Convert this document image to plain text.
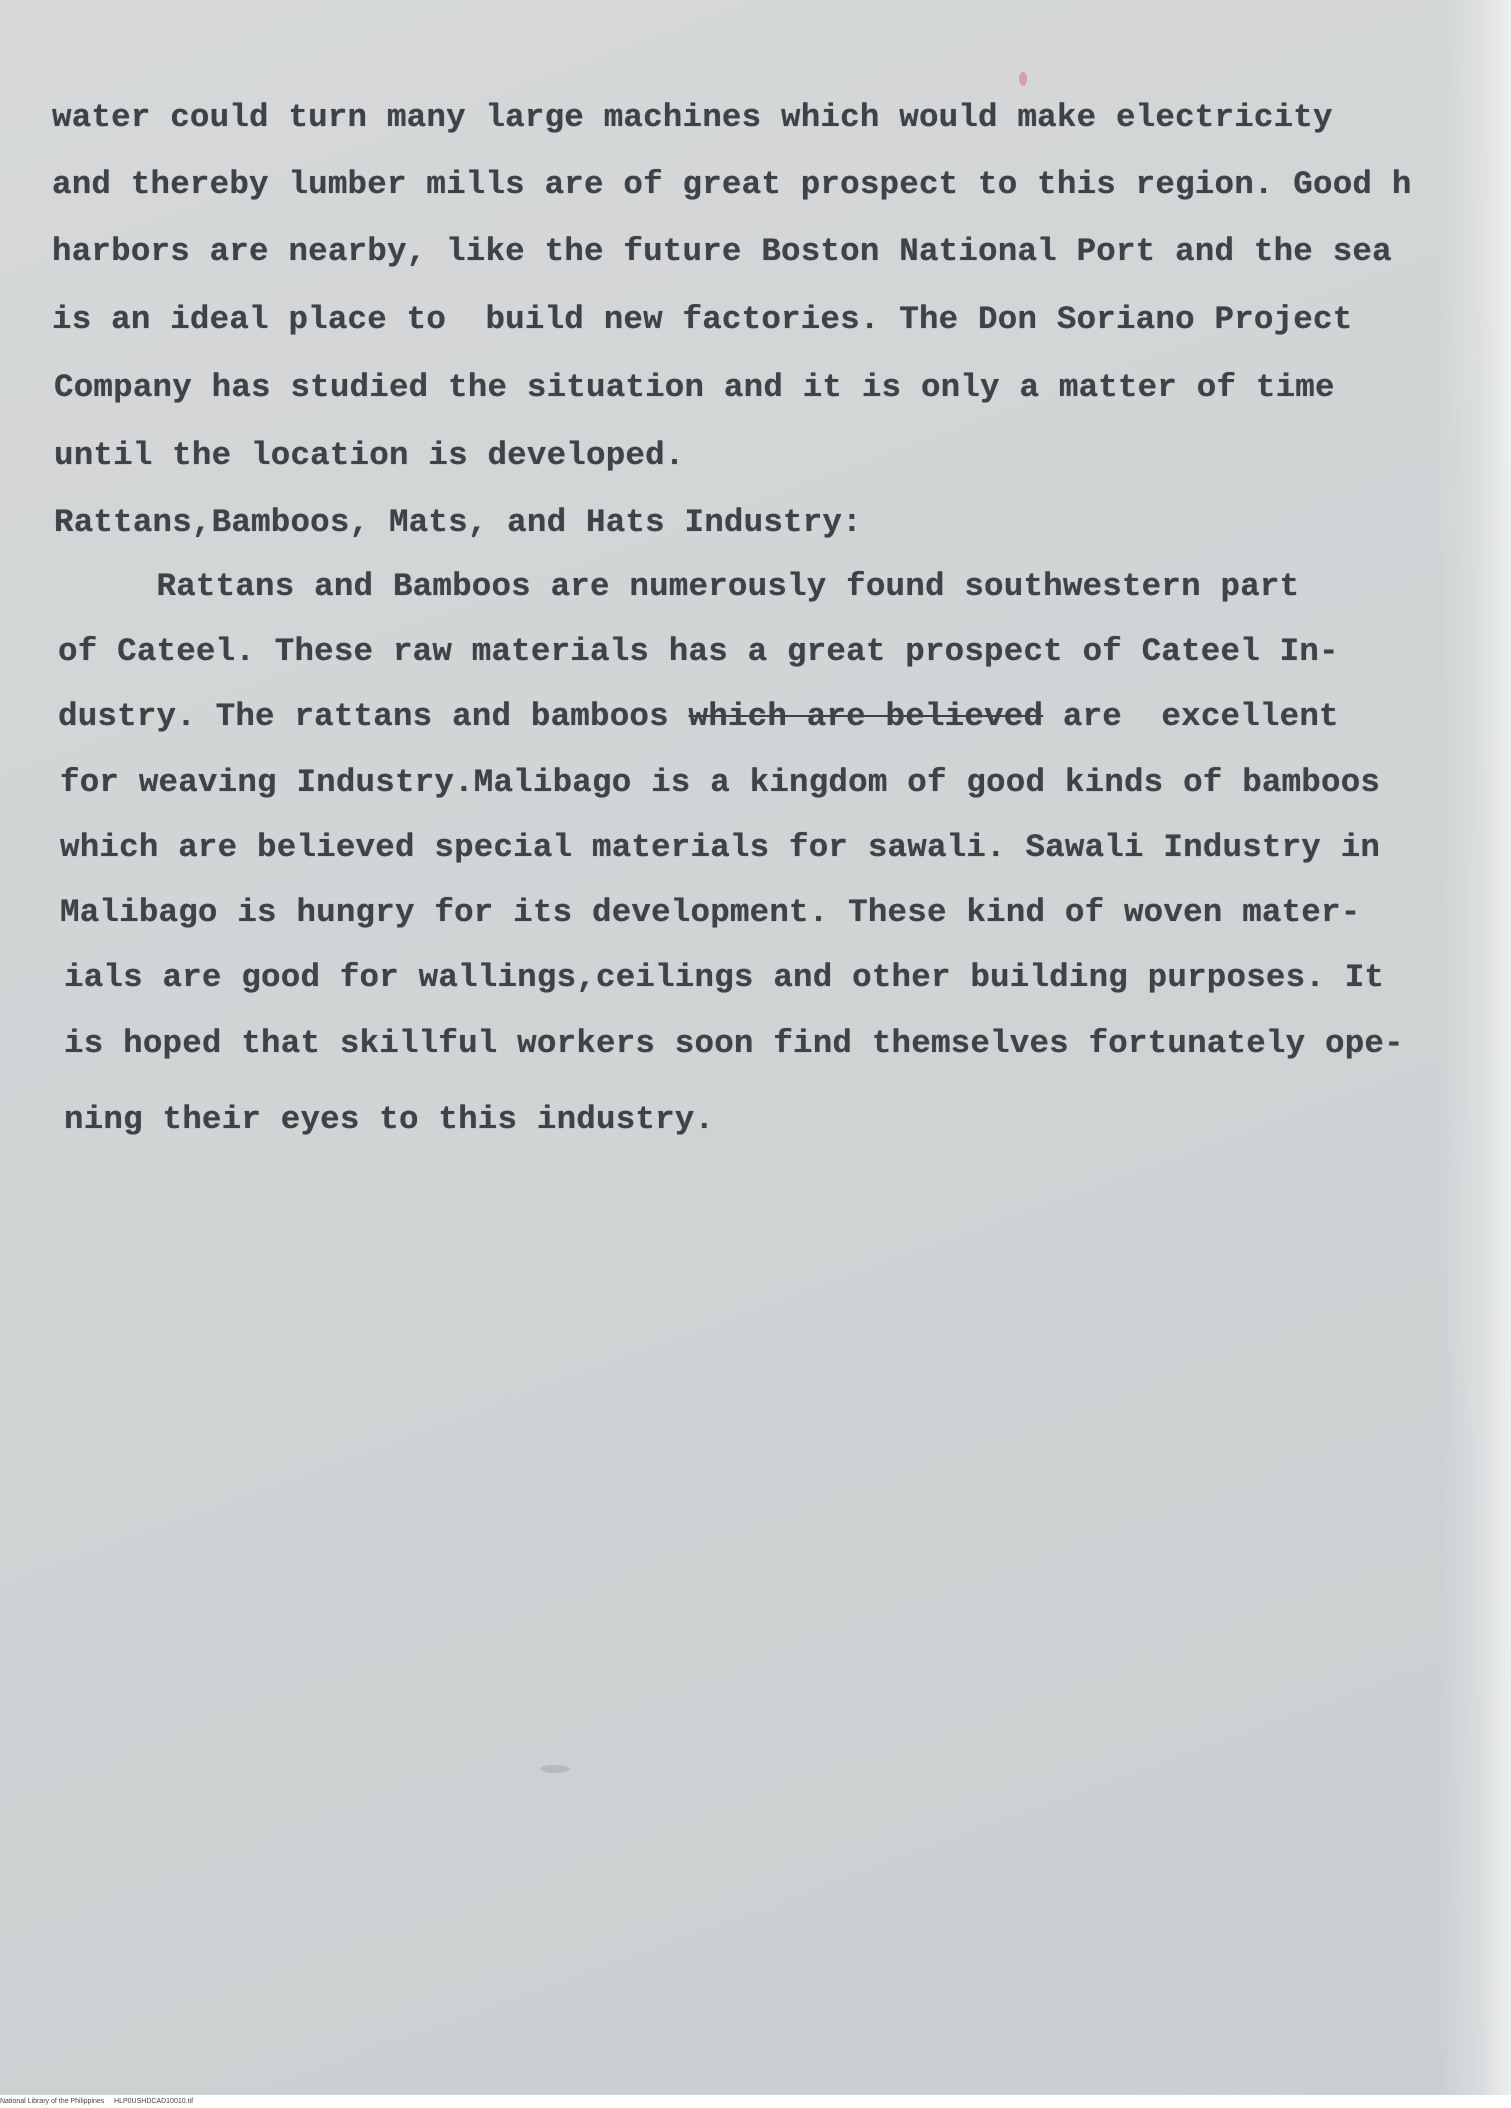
water could turn many large machines which would make electricity
and thereby lumber mills are of great prospect to this region. Good h
harbors are nearby, like the future Boston National Port and the sea
is an ideal place to  build new factories. The Don Soriano Project
Company has studied the situation and it is only a matter of time
until the location is developed.
Rattans,Bamboos, Mats, and Hats Industry:
Rattans and Bamboos are numerously found southwestern part
of Cateel. These raw materials has a great prospect of Cateel In-
dustry. The rattans and bamboos which are believed are  excellent
for weaving Industry.Malibago is a kingdom of good kinds of bamboos
which are believed special materials for sawali. Sawali Industry in
Malibago is hungry for its development. These kind of woven mater-
ials are good for wallings,ceilings and other building purposes. It
is hoped that skillful workers soon find themselves fortunately ope-
ning their eyes to this industry.
National Library of the Philippines HLP0USHDCAD10010.tif
